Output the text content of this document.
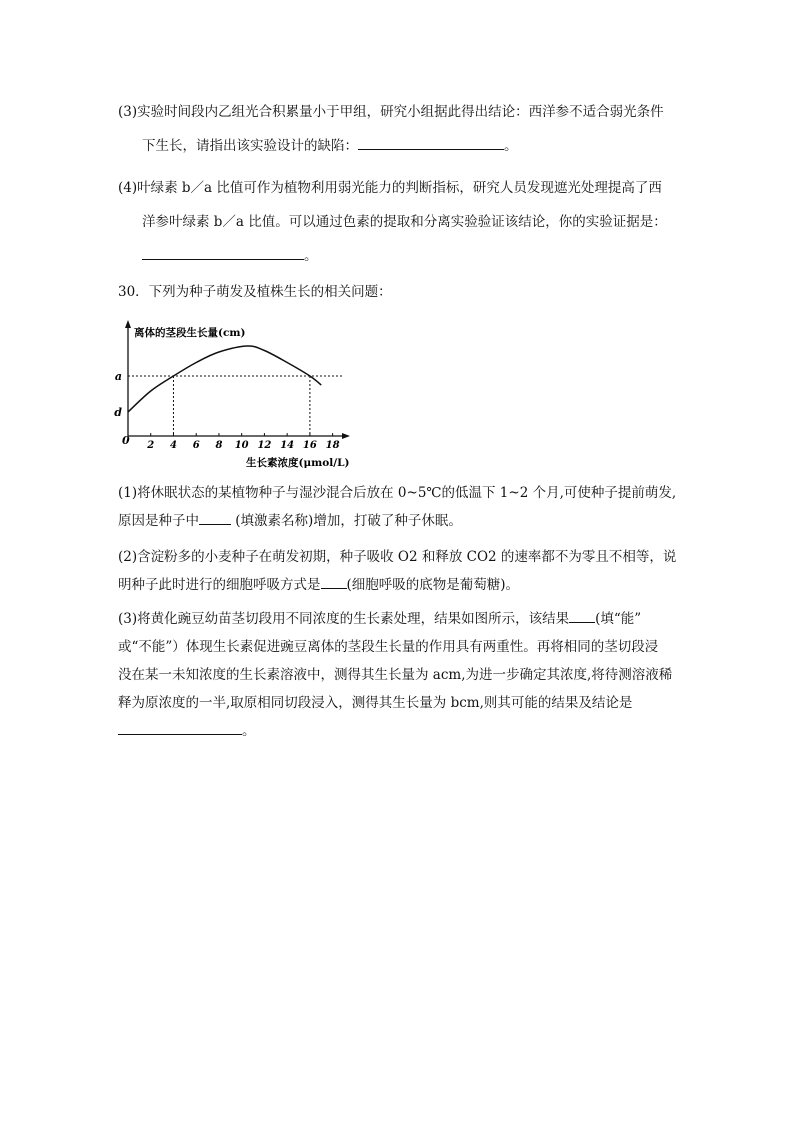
(3)实验时间段内乙组光合积累量小于甲组，研究小组据此得出结论：西洋参不适合弱光条件
下生长，请指出该实验设计的缺陷：	。
(4)叶绿素 b／a 比值可作为植物利用弱光能力的判断指标，研究人员发现遮光处理提高了西
洋参叶绿素 b／a 比值。可以通过色素的提取和分离实验验证该结论，你的实验证据是：
。
30．下列为种子萌发及植株生长的相关问题：
2 4 6 8 10 12 14 16 18
a
d
离体的茎段生长量(cm)
生长素浓度(μmol/L)
0
(1)将休眠状态的某植物种子与湿沙混合后放在 0~5℃的低温下 1~2 个月,可使种子提前萌发,
原因是种子中 (填激素名称)增加，打破了种子休眠。
(2)含淀粉多的小麦种子在萌发初期，种子吸收 O2 和释放 CO2 的速率都不为零且不相等，说
明种子此时进行的细胞呼吸方式是 (细胞呼吸的底物是葡萄糖)。
(3)将黄化豌豆幼苗茎切段用不同浓度的生长素处理，结果如图所示，该结果 (填“能”
或“不能”）体现生长素促进豌豆离体的茎段生长量的作用具有两重性。再将相同的茎切段浸
没在某一未知浓度的生长素溶液中，测得其生长量为 acm,为进一步确定其浓度,将待测溶液稀
释为原浓度的一半,取原相同切段浸入，测得其生长量为 bcm,则其可能的结果及结论是
。
